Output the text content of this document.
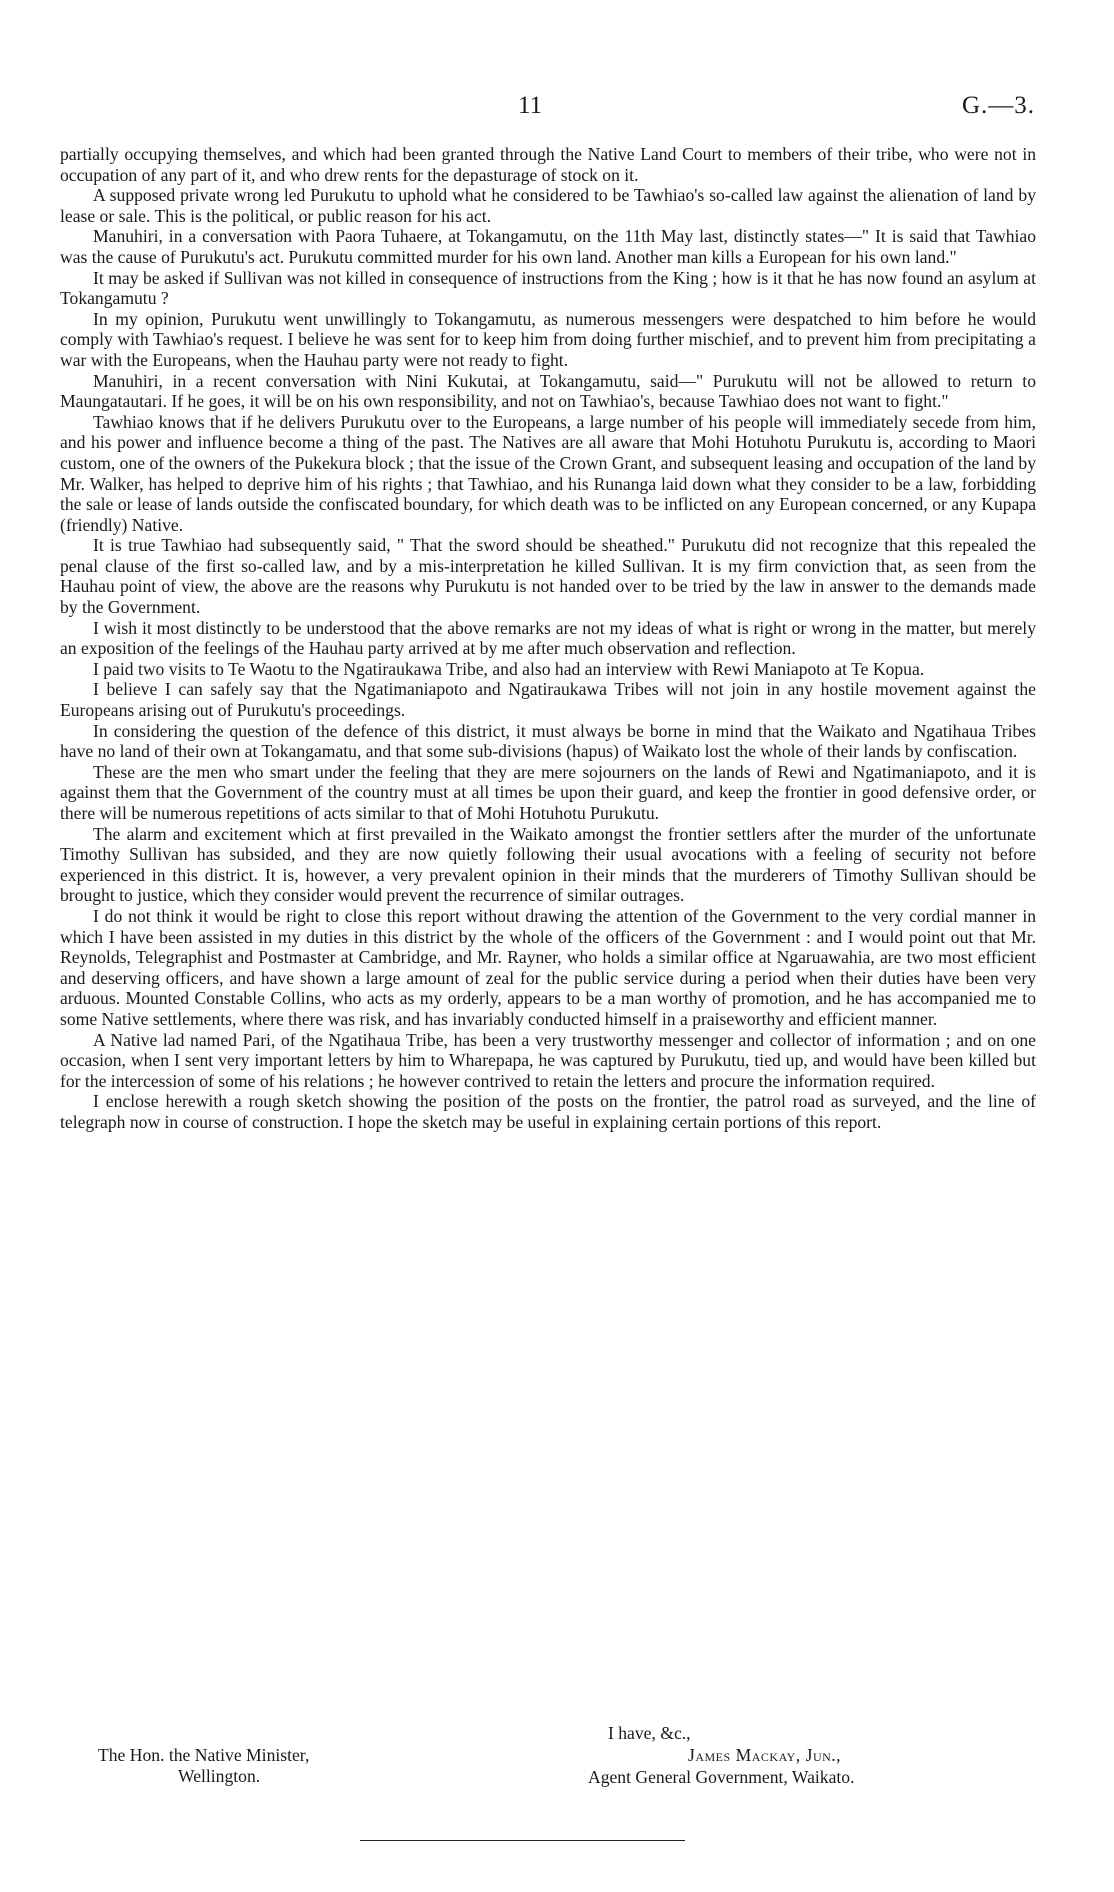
11	G.—3.

partially occupying themselves, and which had been granted through the Native Land Court to members of their tribe, who were not in occupation of any part of it, and who drew rents for the depasturage of stock on it.

A supposed private wrong led Purukutu to uphold what he considered to be Tawhiao's so-called law against the alienation of land by lease or sale. This is the political, or public reason for his act.

Manuhiri, in a conversation with Paora Tuhaere, at Tokangamutu, on the 11th May last, distinctly states—" It is said that Tawhiao was the cause of Purukutu's act. Purukutu committed murder for his own land. Another man kills a European for his own land."

It may be asked if Sullivan was not killed in consequence of instructions from the King ; how is it that he has now found an asylum at Tokangamutu ?

In my opinion, Purukutu went unwillingly to Tokangamutu, as numerous messengers were despatched to him before he would comply with Tawhiao's request. I believe he was sent for to keep him from doing further mischief, and to prevent him from precipitating a war with the Europeans, when the Hauhau party were not ready to fight.

Manuhiri, in a recent conversation with Nini Kukutai, at Tokangamutu, said—" Purukutu will not be allowed to return to Maungatautari. If he goes, it will be on his own responsibility, and not on Tawhiao's, because Tawhiao does not want to fight."

Tawhiao knows that if he delivers Purukutu over to the Europeans, a large number of his people will immediately secede from him, and his power and influence become a thing of the past. The Natives are all aware that Mohi Hotuhotu Purukutu is, according to Maori custom, one of the owners of the Pukekura block ; that the issue of the Crown Grant, and subsequent leasing and occupation of the land by Mr. Walker, has helped to deprive him of his rights ; that Tawhiao, and his Runanga laid down what they consider to be a law, forbidding the sale or lease of lands outside the confiscated boundary, for which death was to be inflicted on any European concerned, or any Kupapa (friendly) Native.

It is true Tawhiao had subsequently said, " That the sword should be sheathed." Purukutu did not recognize that this repealed the penal clause of the first so-called law, and by a mis-interpretation he killed Sullivan. It is my firm conviction that, as seen from the Hauhau point of view, the above are the reasons why Purukutu is not handed over to be tried by the law in answer to the demands made by the Government.

I wish it most distinctly to be understood that the above remarks are not my ideas of what is right or wrong in the matter, but merely an exposition of the feelings of the Hauhau party arrived at by me after much observation and reflection.

I paid two visits to Te Waotu to the Ngatiraukawa Tribe, and also had an interview with Rewi Maniapoto at Te Kopua.

I believe I can safely say that the Ngatimaniapoto and Ngatiraukawa Tribes will not join in any hostile movement against the Europeans arising out of Purukutu's proceedings.

In considering the question of the defence of this district, it must always be borne in mind that the Waikato and Ngatihaua Tribes have no land of their own at Tokangamatu, and that some sub-divisions (hapus) of Waikato lost the whole of their lands by confiscation.

These are the men who smart under the feeling that they are mere sojourners on the lands of Rewi and Ngatimaniapoto, and it is against them that the Government of the country must at all times be upon their guard, and keep the frontier in good defensive order, or there will be numerous repetitions of acts similar to that of Mohi Hotuhotu Purukutu.

The alarm and excitement which at first prevailed in the Waikato amongst the frontier settlers after the murder of the unfortunate Timothy Sullivan has subsided, and they are now quietly following their usual avocations with a feeling of security not before experienced in this district. It is, however, a very prevalent opinion in their minds that the murderers of Timothy Sullivan should be brought to justice, which they consider would prevent the recurrence of similar outrages.

I do not think it would be right to close this report without drawing the attention of the Government to the very cordial manner in which I have been assisted in my duties in this district by the whole of the officers of the Government : and I would point out that Mr. Reynolds, Telegraphist and Postmaster at Cambridge, and Mr. Rayner, who holds a similar office at Ngaruawahia, are two most efficient and deserving officers, and have shown a large amount of zeal for the public service during a period when their duties have been very arduous. Mounted Constable Collins, who acts as my orderly, appears to be a man worthy of promotion, and he has accompanied me to some Native settlements, where there was risk, and has invariably conducted himself in a praiseworthy and efficient manner.

A Native lad named Pari, of the Ngatihaua Tribe, has been a very trustworthy messenger and collector of information ; and on one occasion, when I sent very important letters by him to Wharepapa, he was captured by Purukutu, tied up, and would have been killed but for the intercession of some of his relations ; he however contrived to retain the letters and procure the information required.

I enclose herewith a rough sketch showing the position of the posts on the frontier, the patrol road as surveyed, and the line of telegraph now in course of construction. I hope the sketch may be useful in explaining certain portions of this report.

The Hon. the Native Minister,
Wellington.
I have, &c.,
James Mackay, Jun.,
Agent General Government, Waikato.
